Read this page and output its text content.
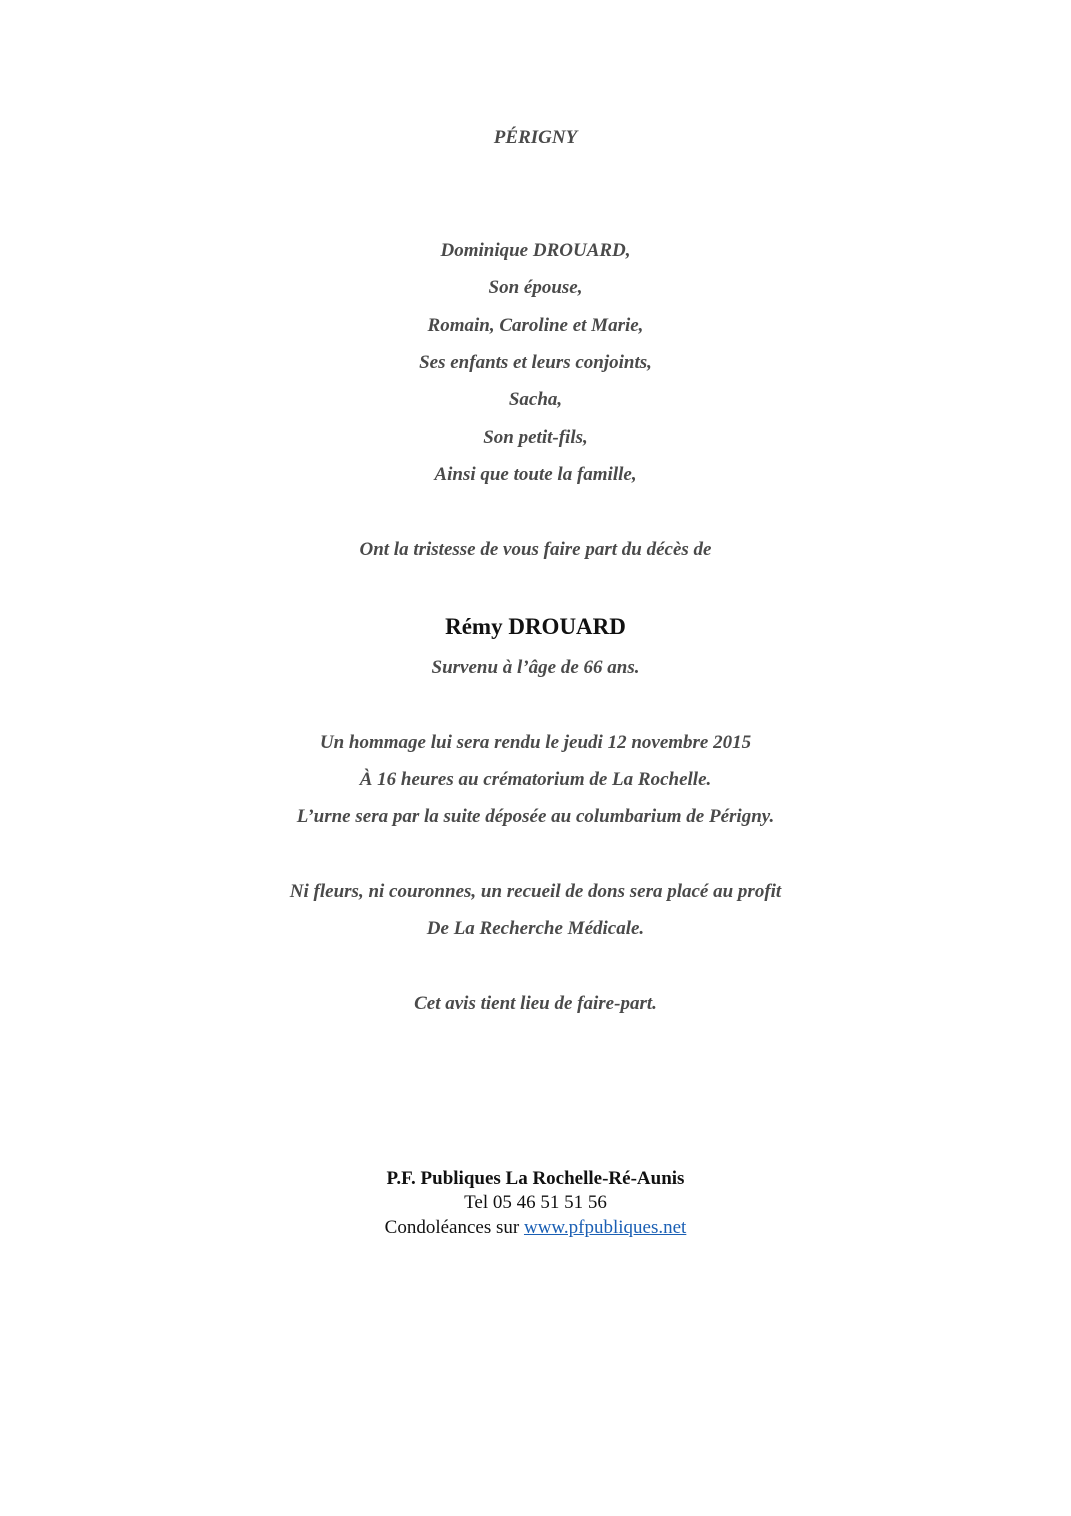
PÉRIGNY
Dominique DROUARD,
Son épouse,
Romain, Caroline et Marie,
Ses enfants et leurs conjoints,
Sacha,
Son petit-fils,
Ainsi que toute la famille,
Ont la tristesse de vous faire part du décès de
Rémy DROUARD
Survenu à l’âge de 66 ans.
Un hommage lui sera rendu le jeudi 12 novembre 2015
À 16 heures au crématorium de La Rochelle.
L’urne sera par la suite déposée au columbarium de Périgny.
Ni fleurs, ni couronnes, un recueil de dons sera placé au profit
De La Recherche Médicale.
Cet avis tient lieu de faire-part.
P.F. Publiques La Rochelle-Ré-Aunis
Tel 05 46 51 51 56
Condoléances sur www.pfpubliques.net
